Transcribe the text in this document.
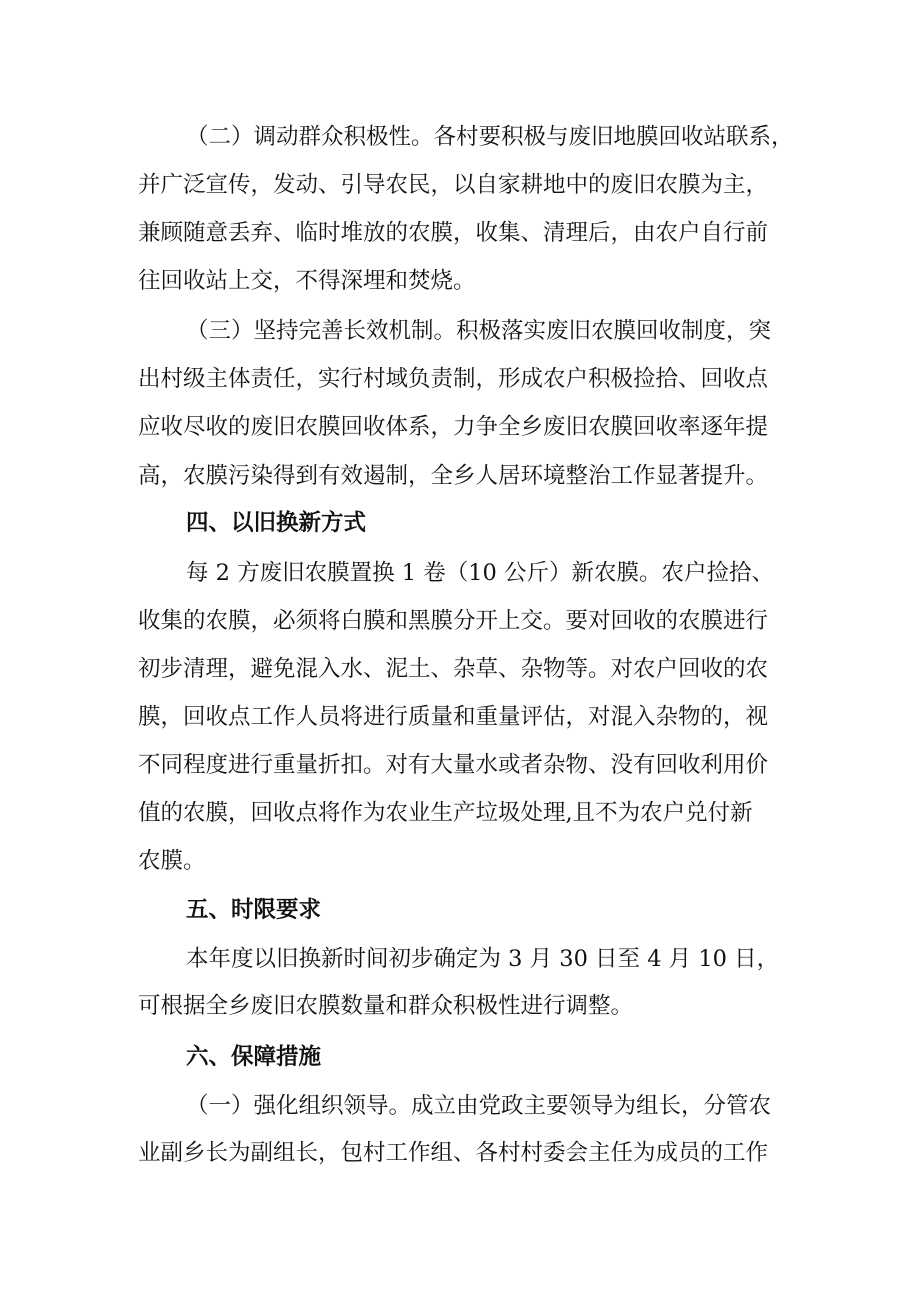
（二）调动群众积极性。各村要积极与废旧地膜回收站联系，
并广泛宣传，发动、引导农民，以自家耕地中的废旧农膜为主，
兼顾随意丢弃、临时堆放的农膜，收集、清理后，由农户自行前
往回收站上交，不得深埋和焚烧。
（三）坚持完善长效机制。积极落实废旧农膜回收制度，突
出村级主体责任，实行村域负责制，形成农户积极捡拾、回收点
应收尽收的废旧农膜回收体系，力争全乡废旧农膜回收率逐年提
高，农膜污染得到有效遏制，全乡人居环境整治工作显著提升。
四、以旧换新方式
每 2 方废旧农膜置换 1 卷（10 公斤）新农膜。农户捡拾、
收集的农膜，必须将白膜和黑膜分开上交。要对回收的农膜进行
初步清理，避免混入水、泥土、杂草、杂物等。对农户回收的农
膜，回收点工作人员将进行质量和重量评估，对混入杂物的，视
不同程度进行重量折扣。对有大量水或者杂物、没有回收利用价
值的农膜，回收点将作为农业生产垃圾处理,且不为农户兑付新
农膜。
五、时限要求
本年度以旧换新时间初步确定为 3 月 30 日至 4 月 10 日，
可根据全乡废旧农膜数量和群众积极性进行调整。
六、保障措施
（一）强化组织领导。成立由党政主要领导为组长，分管农
业副乡长为副组长，包村工作组、各村村委会主任为成员的工作
